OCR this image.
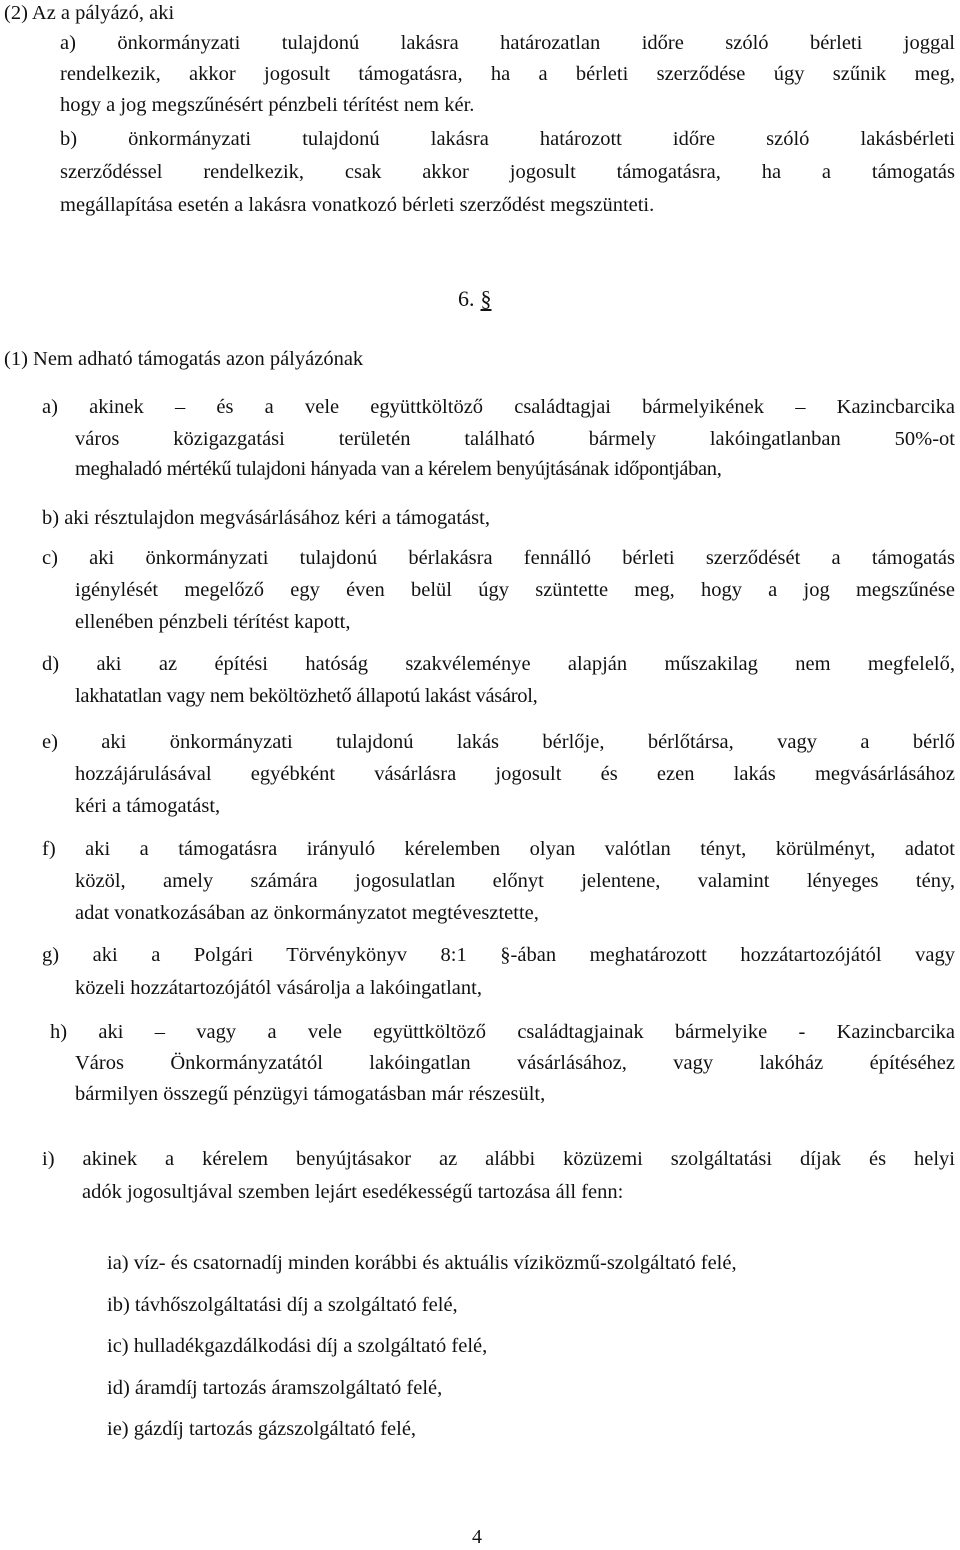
(2) Az a pályázó, aki
a) önkormányzati tulajdonú lakásra határozatlan időre szóló bérleti joggal
rendelkezik, akkor jogosult támogatásra, ha a bérleti szerződése úgy szűnik meg,
hogy a jog megszűnésért pénzbeli térítést nem kér.
b) önkormányzati tulajdonú lakásra határozott időre szóló lakásbérleti
szerződéssel rendelkezik, csak akkor jogosult támogatásra, ha a támogatás
megállapítása esetén a lakásra vonatkozó bérleti szerződést megszünteti.
6. §
(1) Nem adható támogatás azon pályázónak
a) akinek – és a vele együttköltöző családtagjai bármelyikének – Kazincbarcika
város közigazgatási területén található bármely lakóingatlanban 50%-ot
meghaladó mértékű tulajdoni hányada van a kérelem benyújtásának időpontjában,
b) aki résztulajdon megvásárlásához kéri a támogatást,
c) aki önkormányzati tulajdonú bérlakásra fennálló bérleti szerződését a támogatás
igénylését megelőző egy éven belül úgy szüntette meg, hogy a jog megszűnése
ellenében pénzbeli térítést kapott,
d) aki az építési hatóság szakvéleménye alapján műszakilag nem megfelelő,
lakhatatlan vagy nem beköltözhető állapotú lakást vásárol,
e) aki önkormányzati tulajdonú lakás bérlője, bérlőtársa, vagy a bérlő
hozzájárulásával egyébként vásárlásra jogosult és ezen lakás megvásárlásához
kéri a támogatást,
f) aki a támogatásra irányuló kérelemben olyan valótlan tényt, körülményt, adatot
közöl, amely számára jogosulatlan előnyt jelentene, valamint lényeges tény,
adat vonatkozásában az önkormányzatot megtévesztette,
g) aki a Polgári Törvénykönyv 8:1 §-ában meghatározott hozzátartozójától vagy
közeli hozzátartozójától vásárolja a lakóingatlant,
h) aki – vagy a vele együttköltöző családtagjainak bármelyike - Kazincbarcika
Város Önkormányzatától lakóingatlan vásárlásához, vagy lakóház építéséhez
bármilyen összegű pénzügyi támogatásban már részesült,
i) akinek a kérelem benyújtásakor az alábbi közüzemi szolgáltatási díjak és helyi
adók jogosultjával szemben lejárt esedékességű tartozása áll fenn:
ia) víz- és csatornadíj minden korábbi és aktuális víziközmű-szolgáltató felé,
ib) távhőszolgáltatási díj a szolgáltató felé,
ic) hulladékgazdálkodási díj a szolgáltató felé,
id) áramdíj tartozás áramszolgáltató felé,
ie) gázdíj tartozás gázszolgáltató felé,
4
